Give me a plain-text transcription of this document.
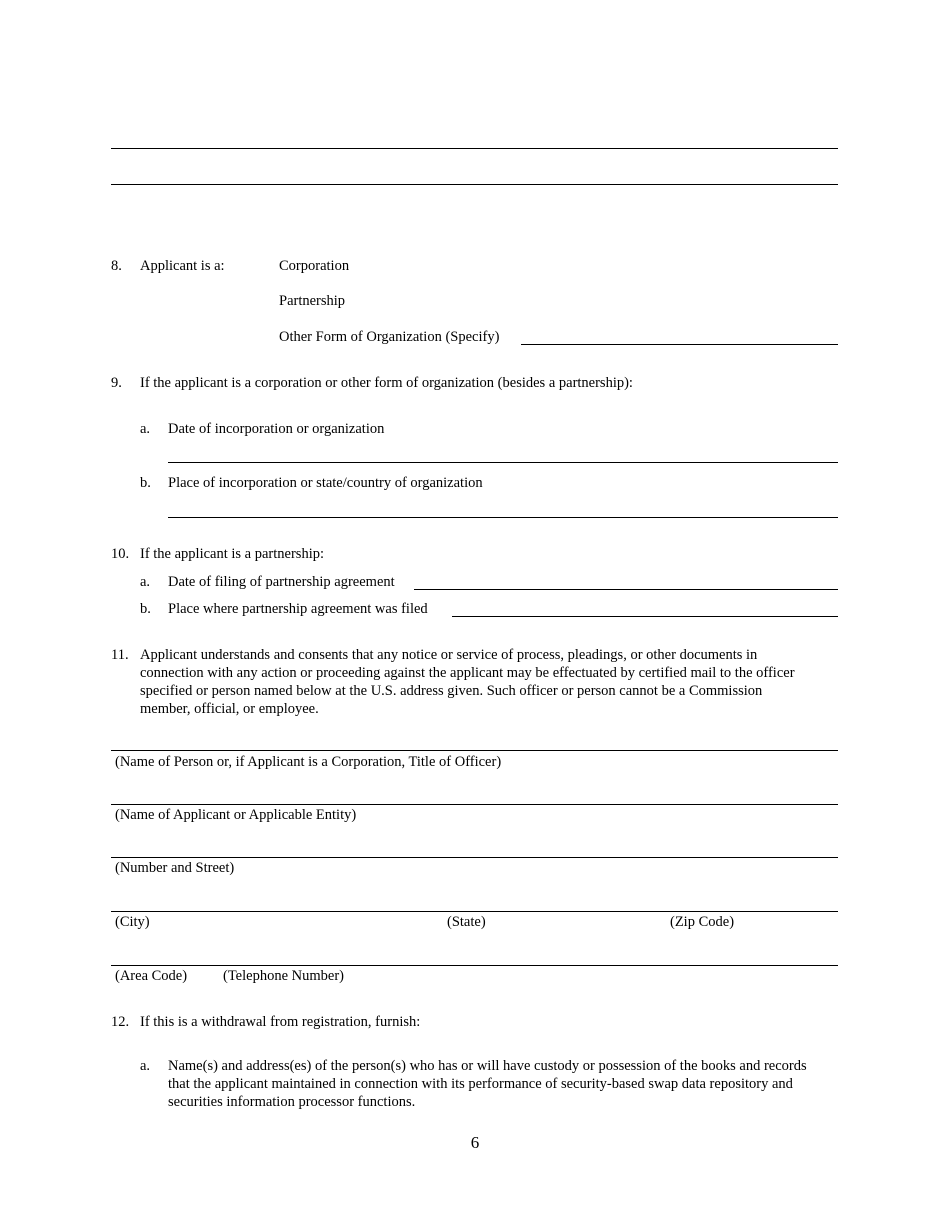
8. Applicant is a:	Corporation
Partnership
Other Form of Organization (Specify)
9. If the applicant is a corporation or other form of organization (besides a partnership):
a. Date of incorporation or organization
b. Place of incorporation or state/country of organization
10. If the applicant is a partnership:
a. Date of filing of partnership agreement
b. Place where partnership agreement was filed
11. Applicant understands and consents that any notice or service of process, pleadings, or other documents in connection with any action or proceeding against the applicant may be effectuated by certified mail to the officer specified or person named below at the U.S. address given. Such officer or person cannot be a Commission member, official, or employee.
(Name of Person or, if Applicant is a Corporation, Title of Officer)
(Name of Applicant or Applicable Entity)
(Number and Street)
(City)	(State)	(Zip Code)
(Area Code) (Telephone Number)
12. If this is a withdrawal from registration, furnish:
a. Name(s) and address(es) of the person(s) who has or will have custody or possession of the books and records that the applicant maintained in connection with its performance of security-based swap data repository and securities information processor functions.
6
